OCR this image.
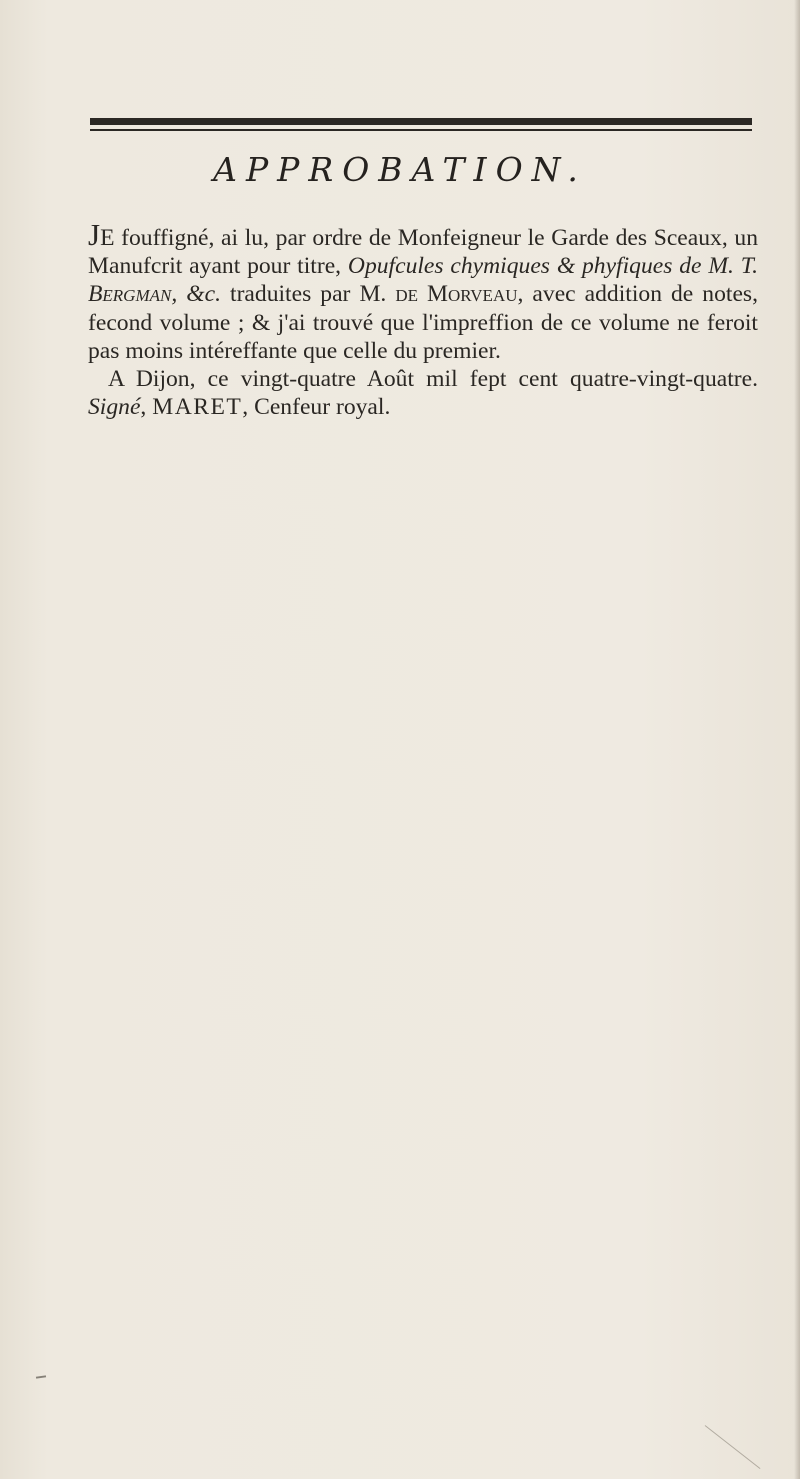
APPROBATION.

JE fouffigné, ai lu, par ordre de Monfeigneur le Garde des Sceaux, un Manufcrit ayant pour titre, Opufcules chymiques & phyfiques de M. T. Bergman, &c. traduites par M. de Morveau, avec addition de notes, fecond volume ; & j'ai trouvé que l'impreffion de ce volume ne feroit pas moins intéreffante que celle du premier.

A Dijon, ce vingt-quatre Août mil fept cent quatre-vingt-quatre. Signé, MARET, Cenfeur royal.
